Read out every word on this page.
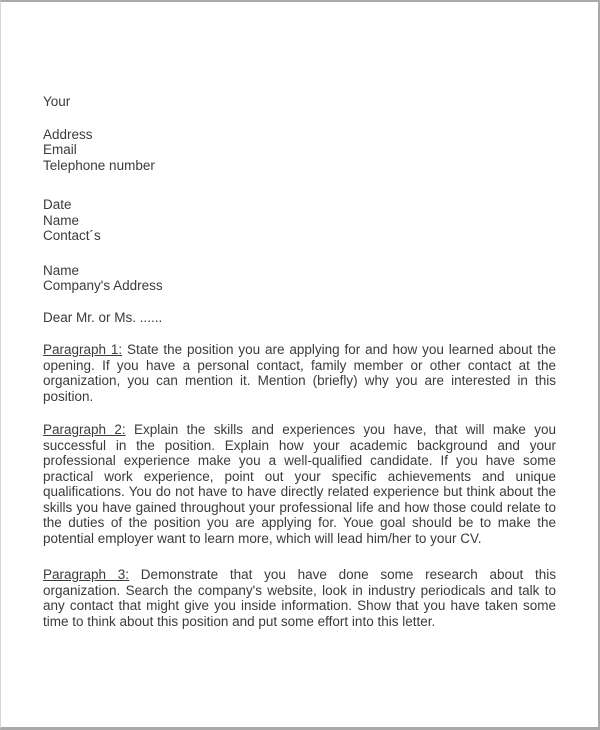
Your
Address
Email
Telephone number
Date
Name
Contact´s
Name
Company's Address
Dear Mr. or Ms. ......

Paragraph 1: State the position you are applying for and how you learned about the opening. If you have a personal contact, family member or other contact at the organization, you can mention it. Mention (briefly) why you are interested in this position.

Paragraph 2: Explain the skills and experiences you have, that will make you successful in the position. Explain how your academic background and your professional experience make you a well-qualified candidate. If you have some practical work experience, point out your specific achievements and unique qualifications. You do not have to have directly related experience but think about the skills you have gained throughout your professional life and how those could relate to the duties of the position you are applying for. Youe goal should be to make the potential employer want to learn more, which will lead him/her to your CV.

Paragraph 3: Demonstrate that you have done some research about this organization. Search the company's website, look in industry periodicals and talk to any contact that might give you inside information. Show that you have taken some time to think about this position and put some effort into this letter.
